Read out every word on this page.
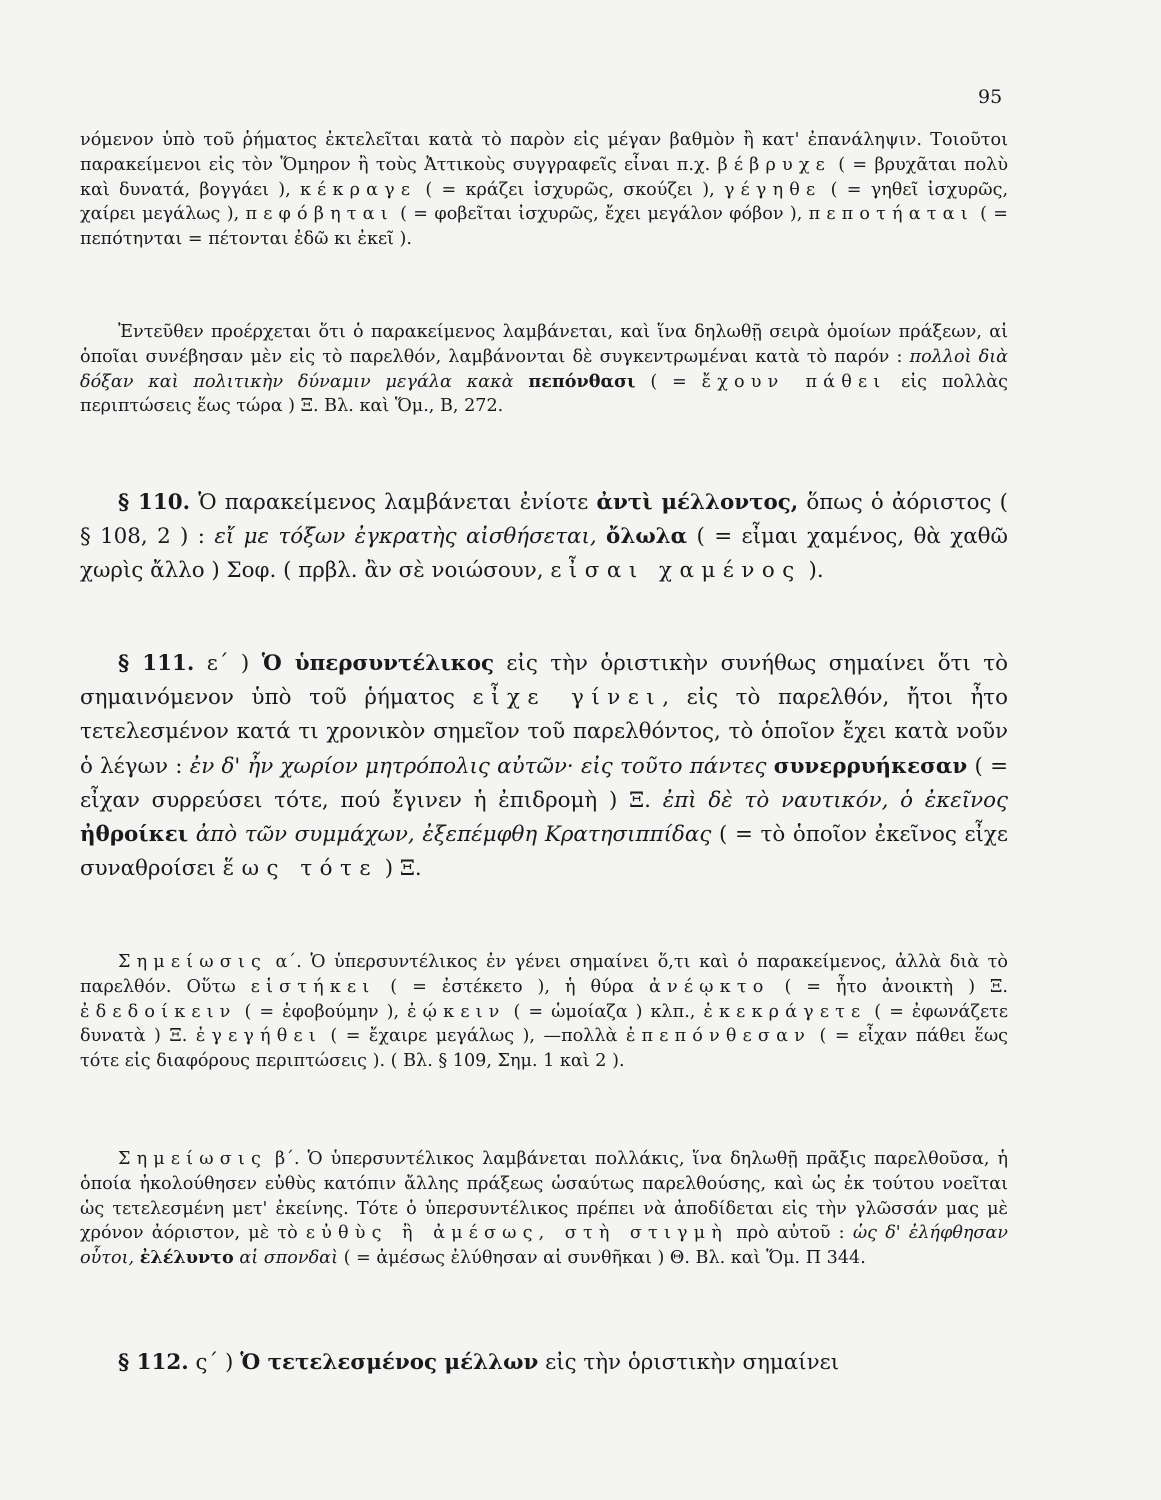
95

νόμενον ὑπὸ τοῦ ῥήματος ἐκτελεῖται κατὰ τὸ παρὸν εἰς μέγαν βαθμὸν ἢ κατ' ἐπανάληψιν. Τοιοῦτοι παρακείμενοι εἰς τὸν Ὅμηρον ἢ τοὺς Ἀττικοὺς συγγραφεῖς εἶναι π.χ. βέβρυχε ( = βρυχᾶται πολὺ καὶ δυνατά, βογγάει ), κέκραγε ( = κράζει ἰσχυρῶς, σκούζει ), γέγηθε ( = γηθεῖ ἰσχυρῶς, χαίρει μεγάλως ), πεφόβηται ( = φοβεῖται ἰσχυρῶς, ἔχει μεγάλον φόβον ), πεποτήαται ( = πεπότηνται = πέτονται ἐδῶ κι ἐκεῖ ).

Ἐντεῦθεν προέρχεται ὅτι ὁ παρακείμενος λαμβάνεται, καὶ ἵνα δηλωθῇ σειρὰ ὁμοίων πράξεων, αἱ ὁποῖαι συνέβησαν μὲν εἰς τὸ παρελθόν, λαμβάνονται δὲ συγκεντρωμέναι κατὰ τὸ παρόν : πολλοὶ διὰ δόξαν καὶ πολιτικὴν δύναμιν μεγάλα κακὰ πεπόνθασι ( = ἔχουν πάθει εἰς πολλὰς περιπτώσεις ἕως τώρα ) Ξ. Βλ. καὶ Ὅμ., Β, 272.

§ 110. Ὁ παρακείμενος λαμβάνεται ἐνίοτε ἀντὶ μέλλοντος, ὅπως ὁ ἀόριστος ( § 108, 2 ) : εἴ με τόξων ἐγκρατὴς αἰσθήσεται, ὄλωλα ( = εἶμαι χαμένος, θὰ χαθῶ χωρὶς ἄλλο ) Σοφ. ( πρβλ. ἂν σὲ νοιώσουν, εἶσαι χαμένος ).

§ 111. ε΄ ) Ὁ ὑπερσυντέλικος εἰς τὴν ὁριστικὴν συνήθως σημαίνει ὅτι τὸ σημαινόμενον ὑπὸ τοῦ ῥήματος εἶχε γίνει, εἰς τὸ παρελθόν, ἤτοι ἦτο τετελεσμένον κατά τι χρονικὸν σημεῖον τοῦ παρελθόντος, τὸ ὁποῖον ἔχει κατὰ νοῦν ὁ λέγων : ἐν δ' ἦν χωρίον μητρόπολις αὐτῶν· εἰς τοῦτο πάντες συνερρυήκεσαν ( = εἶχαν συρρεύσει τότε, πού ἔγινεν ἡ ἐπιδρομὴ ) Ξ. ἐπὶ δὲ τὸ ναυτικόν, ὁ ἐκεῖνος ἠθροίκει ἀπὸ τῶν συμμάχων, ἐξεπέμφθη Κρατησιππίδας ( = τὸ ὁποῖον ἐκεῖνος εἶχε συναθροίσει ἕως τότε ) Ξ.

Σημείωσις α΄. Ὁ ὑπερσυντέλικος ἐν γένει σημαίνει ὅ,τι καὶ ὁ παρακείμενος, ἀλλὰ διὰ τὸ παρελθόν. Οὕτω εἱστήκει ( = ἐστέκετο ), ἡ θύρα ἀνέῳκτο ( = ἦτο ἀνοικτὴ ) Ξ. ἐδεδοίκειν ( = ἐφοβούμην ), ἐῴκειν ( = ὡμοίαζα ) κλπ., ἐκεκράγετε ( = ἐφωνάζετε δυνατὰ ) Ξ. ἐγεγήθει ( = ἔχαιρε μεγάλως ), —πολλὰ ἐπεπόνθεσαν ( = εἶχαν πάθει ἕως τότε εἰς διαφόρους περιπτώσεις ). ( Βλ. § 109, Σημ. 1 καὶ 2 ).

Σημείωσις β΄. Ὁ ὑπερσυντέλικος λαμβάνεται πολλάκις, ἵνα δηλωθῇ πρᾶξις παρελθοῦσα, ἡ ὁποία ἠκολούθησεν εὐθὺς κατόπιν ἄλλης πράξεως ὡσαύτως παρελθούσης, καὶ ὡς ἐκ τούτου νοεῖται ὡς τετελεσμένη μετ' ἐκείνης. Τότε ὁ ὑπερσυντέλικος πρέπει νὰ ἀποδίδεται εἰς τὴν γλῶσσάν μας μὲ χρόνον ἀόριστον, μὲ τὸ εὐθὺς ἢ ἀμέσως, στὴ στιγμὴ πρὸ αὐτοῦ : ὡς δ' ἐλήφθησαν οὗτοι, ἐλέλυντο αἱ σπονδαὶ ( = ἀμέσως ἐλύθησαν αἱ συνθῆκαι ) Θ. Βλ. καὶ Ὅμ. Π 344.

§ 112. ς΄ ) Ὁ τετελεσμένος μέλλων εἰς τὴν ὁριστικὴν σημαίνει
